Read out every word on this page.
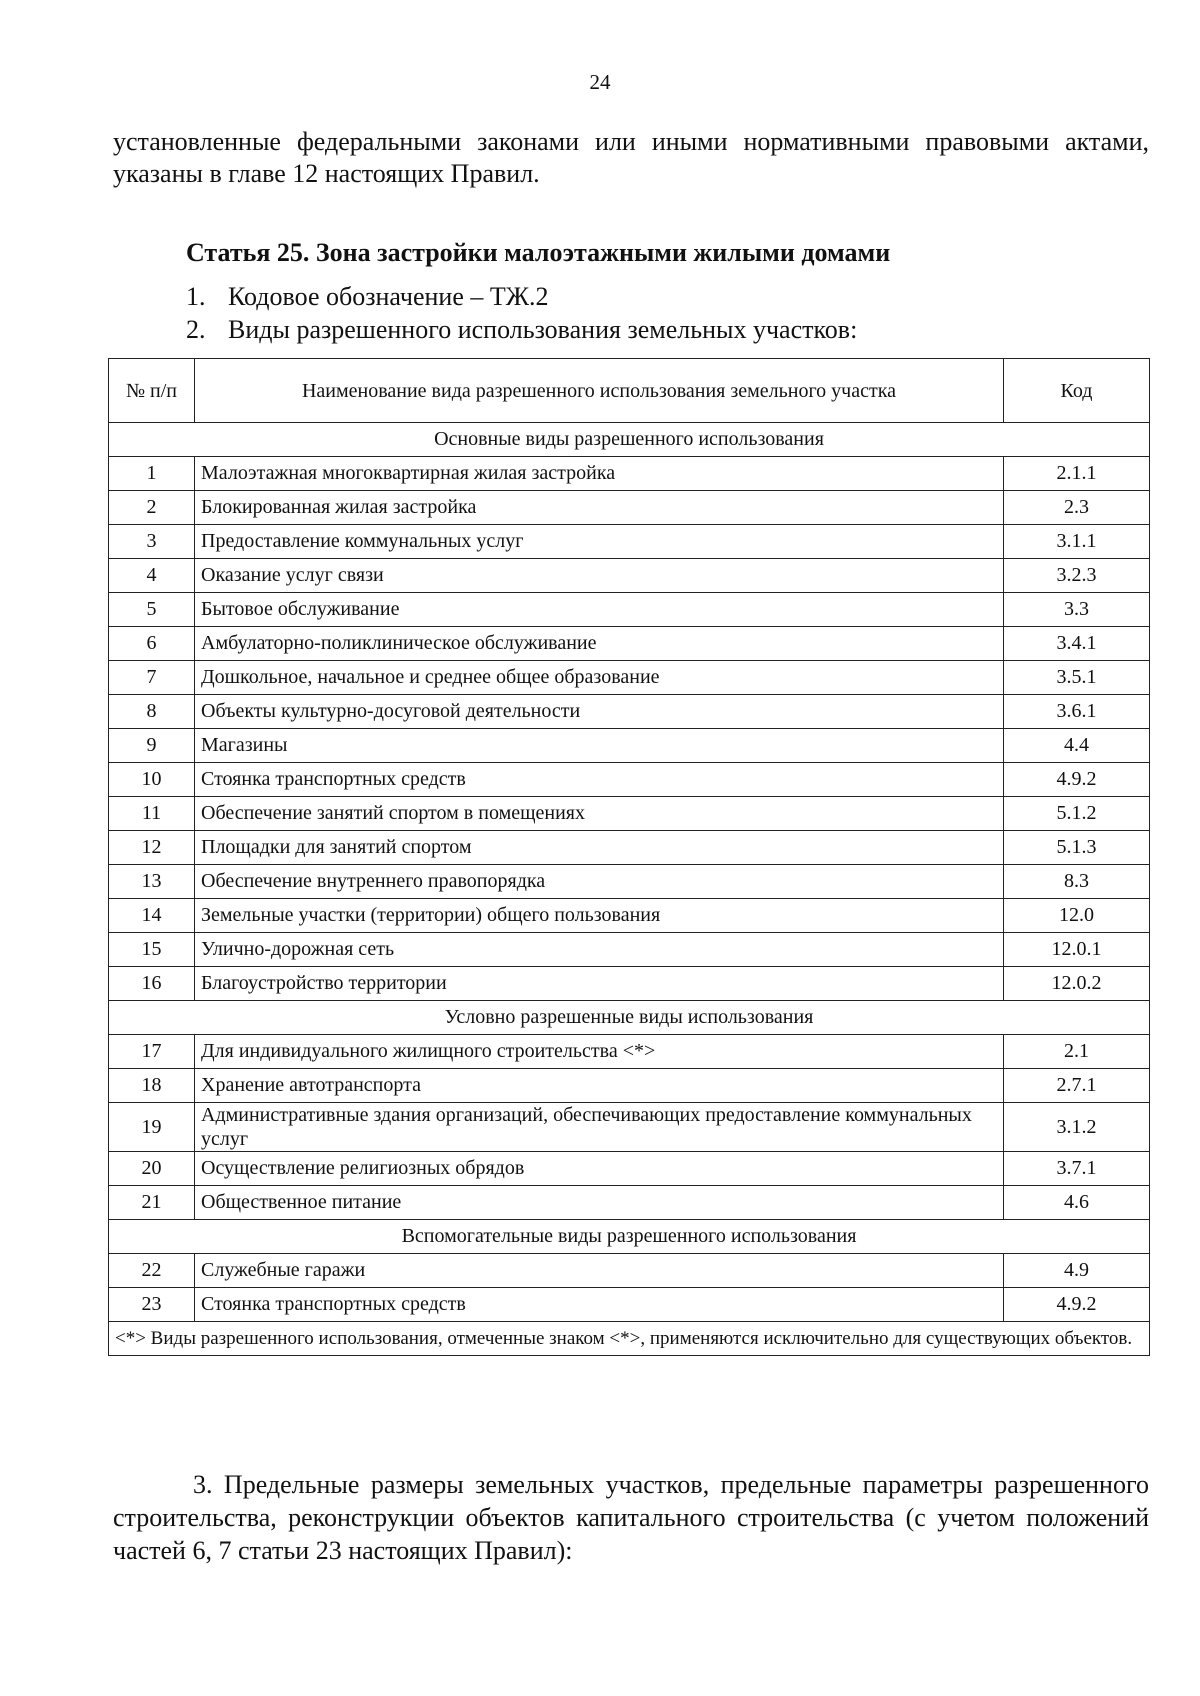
24

установленные федеральными законами или иными нормативными правовыми актами, указаны в главе 12 настоящих Правил.

Статья 25. Зона застройки малоэтажными жилыми домами

1. Кодовое обозначение – ТЖ.2

2. Виды разрешенного использования земельных участков:

№ п/п	Наименование вида разрешенного использования земельного участка	Код
Основные виды разрешенного использования		
1	Малоэтажная многоквартирная жилая застройка	2.1.1
2	Блокированная жилая застройка	2.3
3	Предоставление коммунальных услуг	3.1.1
4	Оказание услуг связи	3.2.3
5	Бытовое обслуживание	3.3
6	Амбулаторно-поликлиническое обслуживание	3.4.1
7	Дошкольное, начальное и среднее общее образование	3.5.1
8	Объекты культурно-досуговой деятельности	3.6.1
9	Магазины	4.4
10	Стоянка транспортных средств	4.9.2
11	Обеспечение занятий спортом в помещениях	5.1.2
12	Площадки для занятий спортом	5.1.3
13	Обеспечение внутреннего правопорядка	8.3
14	Земельные участки (территории) общего пользования	12.0
15	Улично-дорожная сеть	12.0.1
16	Благоустройство территории	12.0.2
Условно разрешенные виды использования		
17	Для индивидуального жилищного строительства <*>	2.1
18	Хранение автотранспорта	2.7.1
19	Административные здания организаций, обеспечивающих предоставление коммунальных услуг	3.1.2
20	Осуществление религиозных обрядов	3.7.1
21	Общественное питание	4.6
Вспомогательные виды разрешенного использования		
22	Служебные гаражи	4.9
23	Стоянка транспортных средств	4.9.2
<*> Виды разрешенного использования, отмеченные знаком <*>, применяются исключительно для существующих объектов.		

3. Предельные размеры земельных участков, предельные параметры разрешенного строительства, реконструкции объектов капитального строительства (с учетом положений частей 6, 7 статьи 23 настоящих Правил):
